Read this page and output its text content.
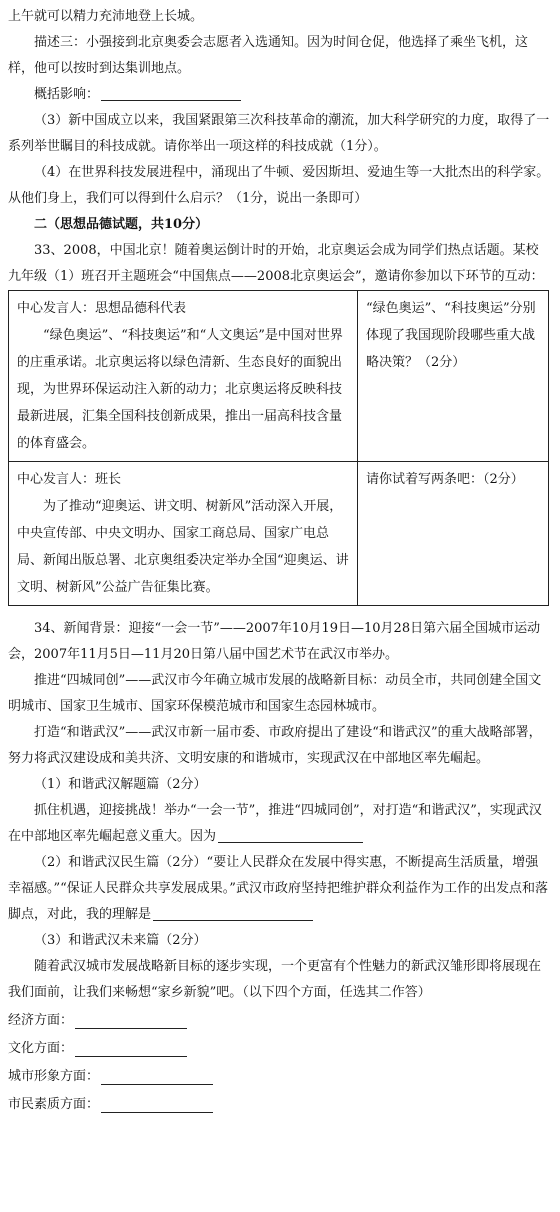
上午就可以精力充沛地登上长城。

描述三：小强接到北京奥委会志愿者入选通知。因为时间仓促，他选择了乘坐飞机，这样，他可以按时到达集训地点。

概括影响：

（3）新中国成立以来，我国紧跟第三次科技革命的潮流，加大科学研究的力度，取得了一系列举世瞩目的科技成就。请你举出一项这样的科技成就（1分）。

（4）在世界科技发展进程中，涌现出了牛顿、爱因斯坦、爱迪生等一大批杰出的科学家。从他们身上，我们可以得到什么启示？（1分，说出一条即可）

二（思想品德试题，共10分）

33、2008，中国北京！随着奥运倒计时的开始，北京奥运会成为同学们热点话题。某校九年级（1）班召开主题班会“中国焦点——2008北京奥运会”，邀请你参加以下环节的互动：

中心发言人：思想品德科代表
“绿色奥运”、“科技奥运”和“人文奥运”是中国对世界的庄重承诺。北京奥运将以绿色清新、生态良好的面貌出现，为世界环保运动注入新的动力；北京奥运将反映科技最新进展，汇集全国科技创新成果，推出一届高科技含量的体育盛会。	“绿色奥运”、“科技奥运”分别体现了我国现阶段哪些重大战略决策？（2分）

中心发言人：班长
为了推动“迎奥运、讲文明、树新风”活动深入开展，中央宣传部、中央文明办、国家工商总局、国家广电总局、新闻出版总署、北京奥组委决定举办全国“迎奥运、讲文明、树新风”公益广告征集比赛。	请你试着写两条吧：（2分）

34、新闻背景：迎接“一会一节”——2007年10月19日—10月28日第六届全国城市运动会，2007年11月5日—11月20日第八届中国艺术节在武汉市举办。

推进“四城同创”——武汉市今年确立城市发展的战略新目标：动员全市，共同创建全国文明城市、国家卫生城市、国家环保模范城市和国家生态园林城市。

打造“和谐武汉”——武汉市新一届市委、市政府提出了建设“和谐武汉”的重大战略部署，努力将武汉建设成和美共济、文明安康的和谐城市，实现武汉在中部地区率先崛起。

（1）和谐武汉解题篇（2分）

抓住机遇，迎接挑战！举办“一会一节”，推进“四城同创”，对打造“和谐武汉”，实现武汉在中部地区率先崛起意义重大。因为

（2）和谐武汉民生篇（2分）“要让人民群众在发展中得实惠，不断提高生活质量，增强幸福感。”“保证人民群众共享发展成果。”武汉市政府坚持把维护群众利益作为工作的出发点和落脚点，对此，我的理解是

（3）和谐武汉未来篇（2分）

随着武汉城市发展战略新目标的逐步实现，一个更富有个性魅力的新武汉雏形即将展现在我们面前，让我们来畅想“家乡新貌”吧。（以下四个方面，任选其二作答）

经济方面：
文化方面：
城市形象方面：
市民素质方面：
